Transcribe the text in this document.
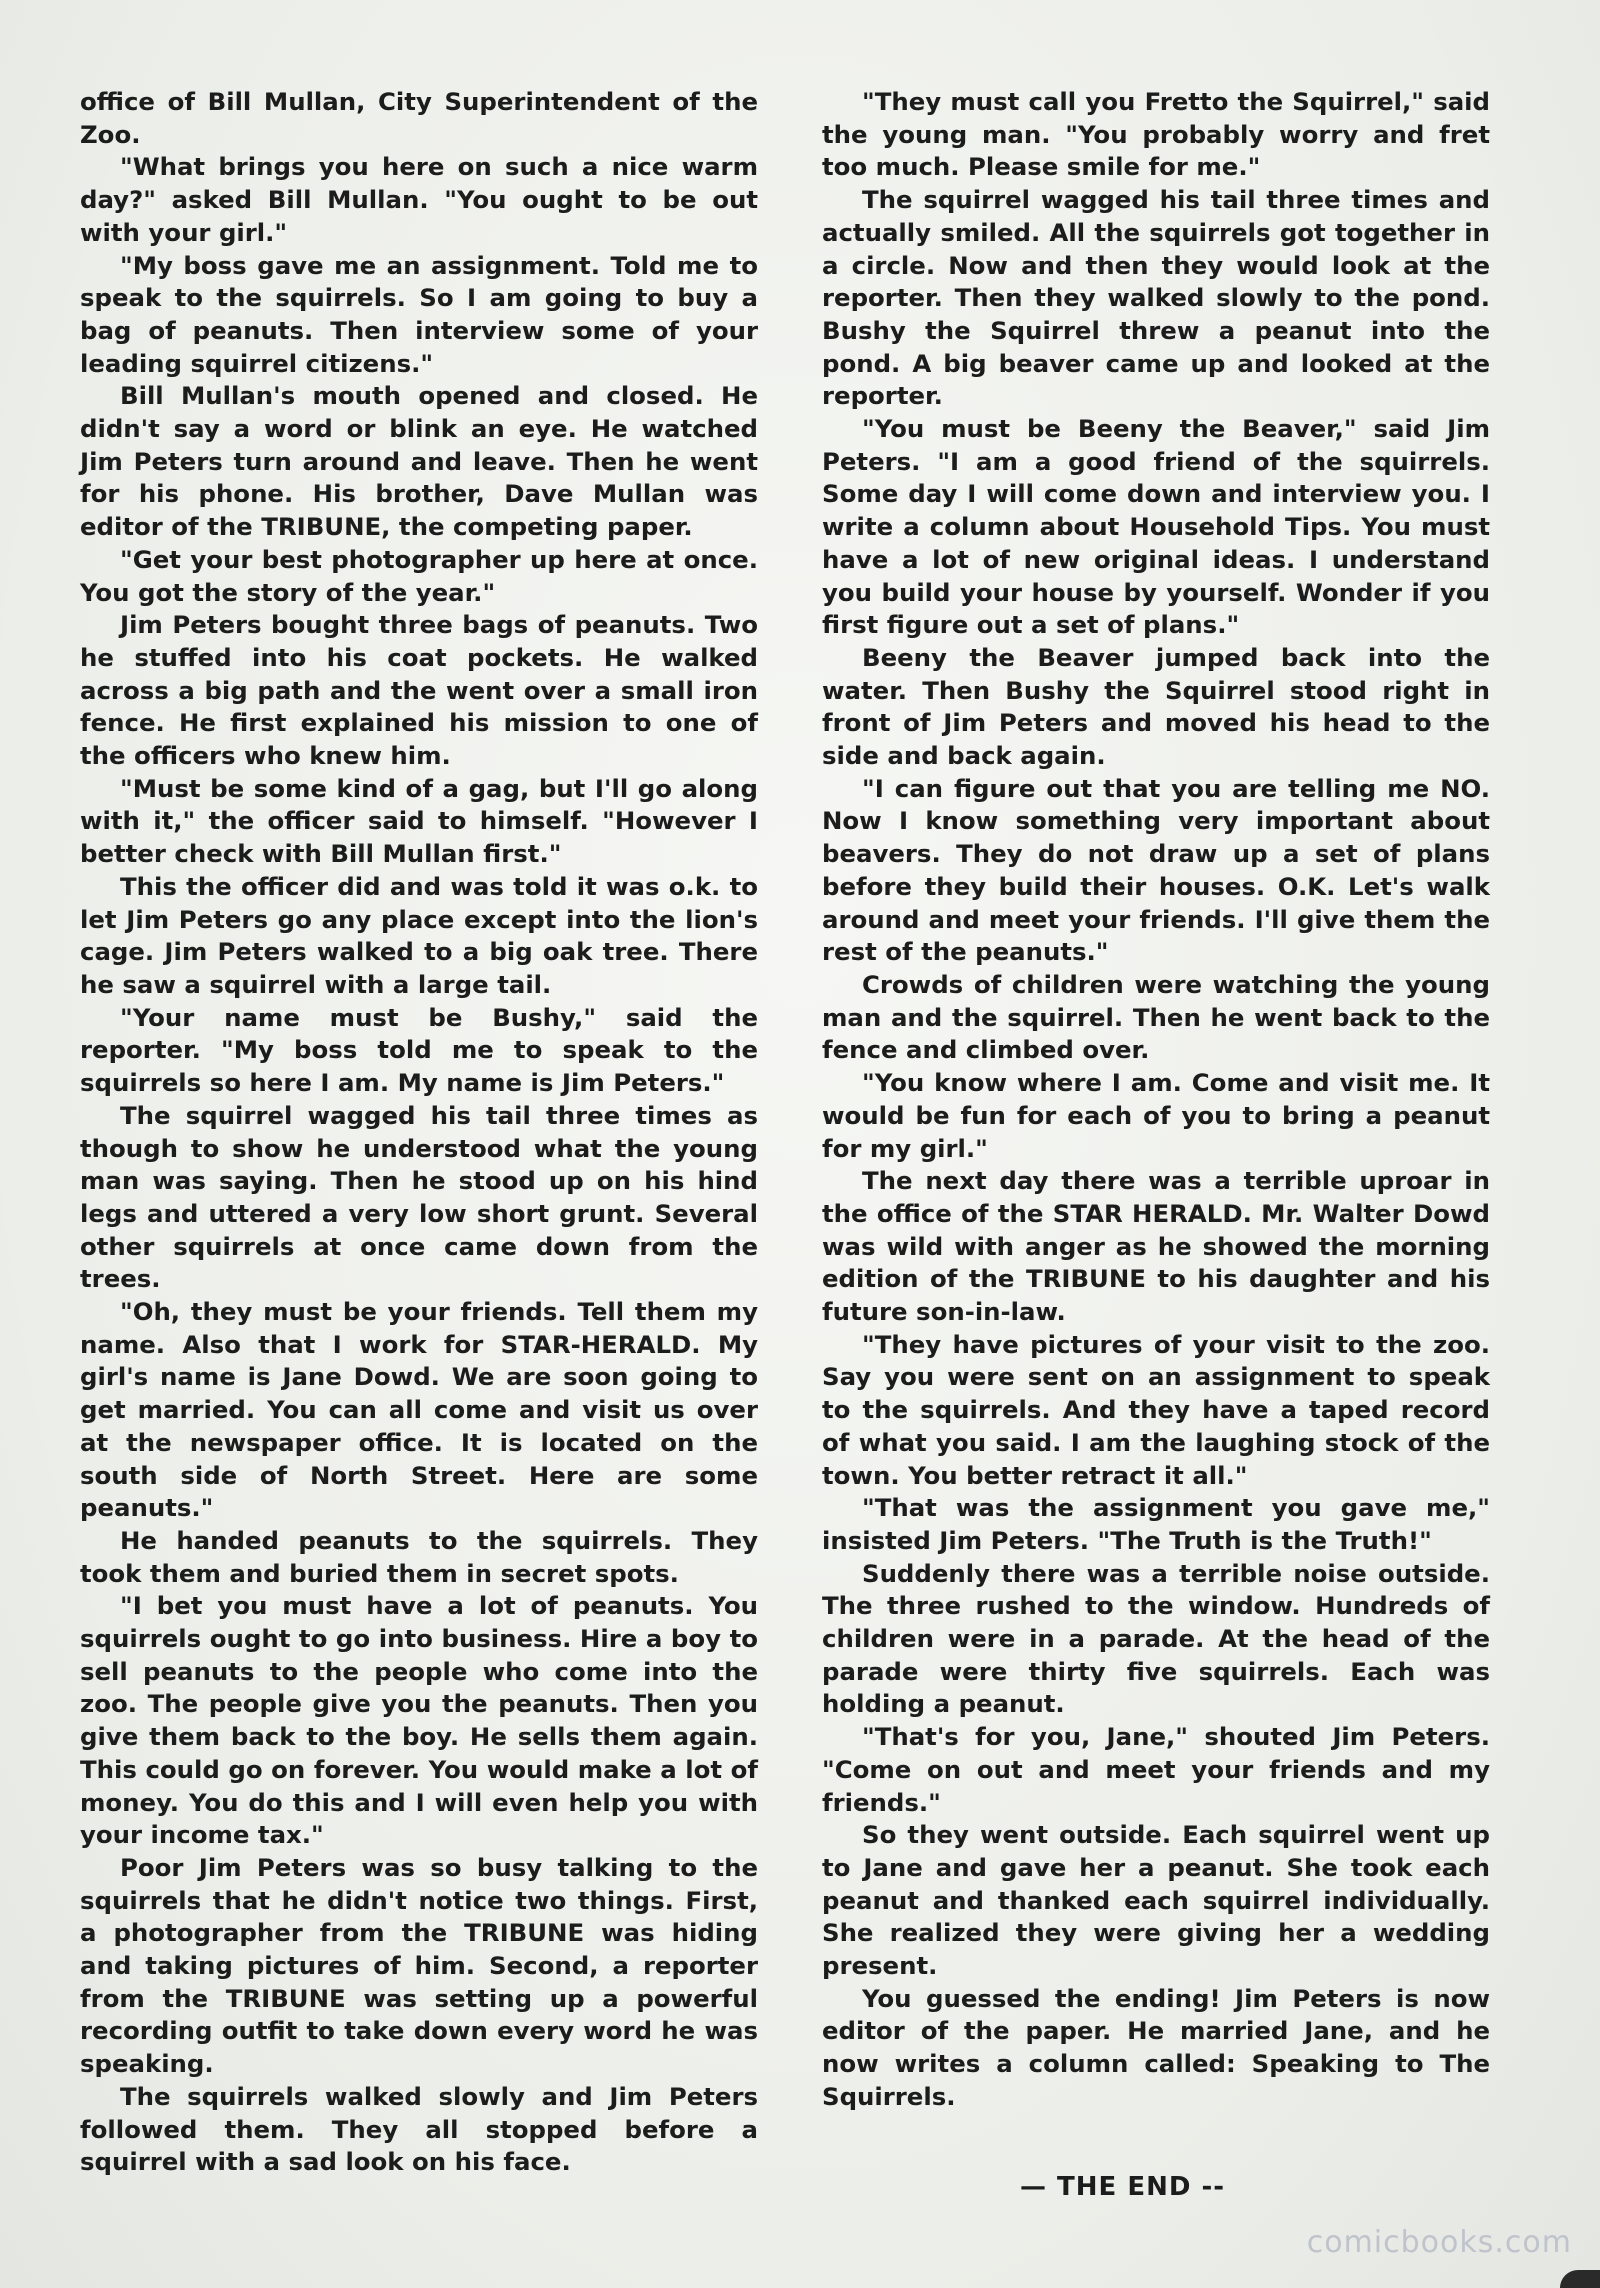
office of Bill Mullan, City Superintendent of the Zoo.

"What brings you here on such a nice warm day?" asked Bill Mullan. "You ought to be out with your girl."

"My boss gave me an assignment. Told me to speak to the squirrels. So I am going to buy a bag of peanuts. Then interview some of your leading squirrel citizens."

Bill Mullan's mouth opened and closed. He didn't say a word or blink an eye. He watched Jim Peters turn around and leave. Then he went for his phone. His brother, Dave Mullan was editor of the TRIBUNE, the competing paper.

"Get your best photographer up here at once. You got the story of the year."

Jim Peters bought three bags of peanuts. Two he stuffed into his coat pockets. He walked across a big path and the went over a small iron fence. He first explained his mission to one of the officers who knew him.

"Must be some kind of a gag, but I'll go along with it," the officer said to himself. "However I better check with Bill Mullan first."

This the officer did and was told it was o.k. to let Jim Peters go any place except into the lion's cage. Jim Peters walked to a big oak tree. There he saw a squirrel with a large tail.

"Your name must be Bushy," said the reporter. "My boss told me to speak to the squirrels so here I am. My name is Jim Peters."

The squirrel wagged his tail three times as though to show he understood what the young man was saying. Then he stood up on his hind legs and uttered a very low short grunt. Several other squirrels at once came down from the trees.

"Oh, they must be your friends. Tell them my name. Also that I work for STAR-HERALD. My girl's name is Jane Dowd. We are soon going to get married. You can all come and visit us over at the newspaper office. It is located on the south side of North Street. Here are some peanuts."

He handed peanuts to the squirrels. They took them and buried them in secret spots.

"I bet you must have a lot of peanuts. You squirrels ought to go into business. Hire a boy to sell peanuts to the people who come into the zoo. The people give you the peanuts. Then you give them back to the boy. He sells them again. This could go on forever. You would make a lot of money. You do this and I will even help you with your income tax."

Poor Jim Peters was so busy talking to the squirrels that he didn't notice two things. First, a photographer from the TRIBUNE was hiding and taking pictures of him. Second, a reporter from the TRIBUNE was setting up a powerful recording outfit to take down every word he was speaking.

The squirrels walked slowly and Jim Peters followed them. They all stopped before a squirrel with a sad look on his face.

"They must call you Fretto the Squirrel," said the young man. "You probably worry and fret too much. Please smile for me."

The squirrel wagged his tail three times and actually smiled. All the squirrels got together in a circle. Now and then they would look at the reporter. Then they walked slowly to the pond. Bushy the Squirrel threw a peanut into the pond. A big beaver came up and looked at the reporter.

"You must be Beeny the Beaver," said Jim Peters. "I am a good friend of the squirrels. Some day I will come down and interview you. I write a column about Household Tips. You must have a lot of new original ideas. I understand you build your house by yourself. Wonder if you first figure out a set of plans."

Beeny the Beaver jumped back into the water. Then Bushy the Squirrel stood right in front of Jim Peters and moved his head to the side and back again.

"I can figure out that you are telling me NO. Now I know something very important about beavers. They do not draw up a set of plans before they build their houses. O.K. Let's walk around and meet your friends. I'll give them the rest of the peanuts."

Crowds of children were watching the young man and the squirrel. Then he went back to the fence and climbed over.

"You know where I am. Come and visit me. It would be fun for each of you to bring a peanut for my girl."

The next day there was a terrible uproar in the office of the STAR HERALD. Mr. Walter Dowd was wild with anger as he showed the morning edition of the TRIBUNE to his daughter and his future son-in-law.

"They have pictures of your visit to the zoo. Say you were sent on an assignment to speak to the squirrels. And they have a taped record of what you said. I am the laughing stock of the town. You better retract it all."

"That was the assignment you gave me," insisted Jim Peters. "The Truth is the Truth!"

Suddenly there was a terrible noise outside. The three rushed to the window. Hundreds of children were in a parade. At the head of the parade were thirty five squirrels. Each was holding a peanut.

"That's for you, Jane," shouted Jim Peters. "Come on out and meet your friends and my friends."

So they went outside. Each squirrel went up to Jane and gave her a peanut. She took each peanut and thanked each squirrel individually. She realized they were giving her a wedding present.

You guessed the ending! Jim Peters is now editor of the paper. He married Jane, and he now writes a column called: Speaking to The Squirrels.

— THE END --
comicbooks.com
